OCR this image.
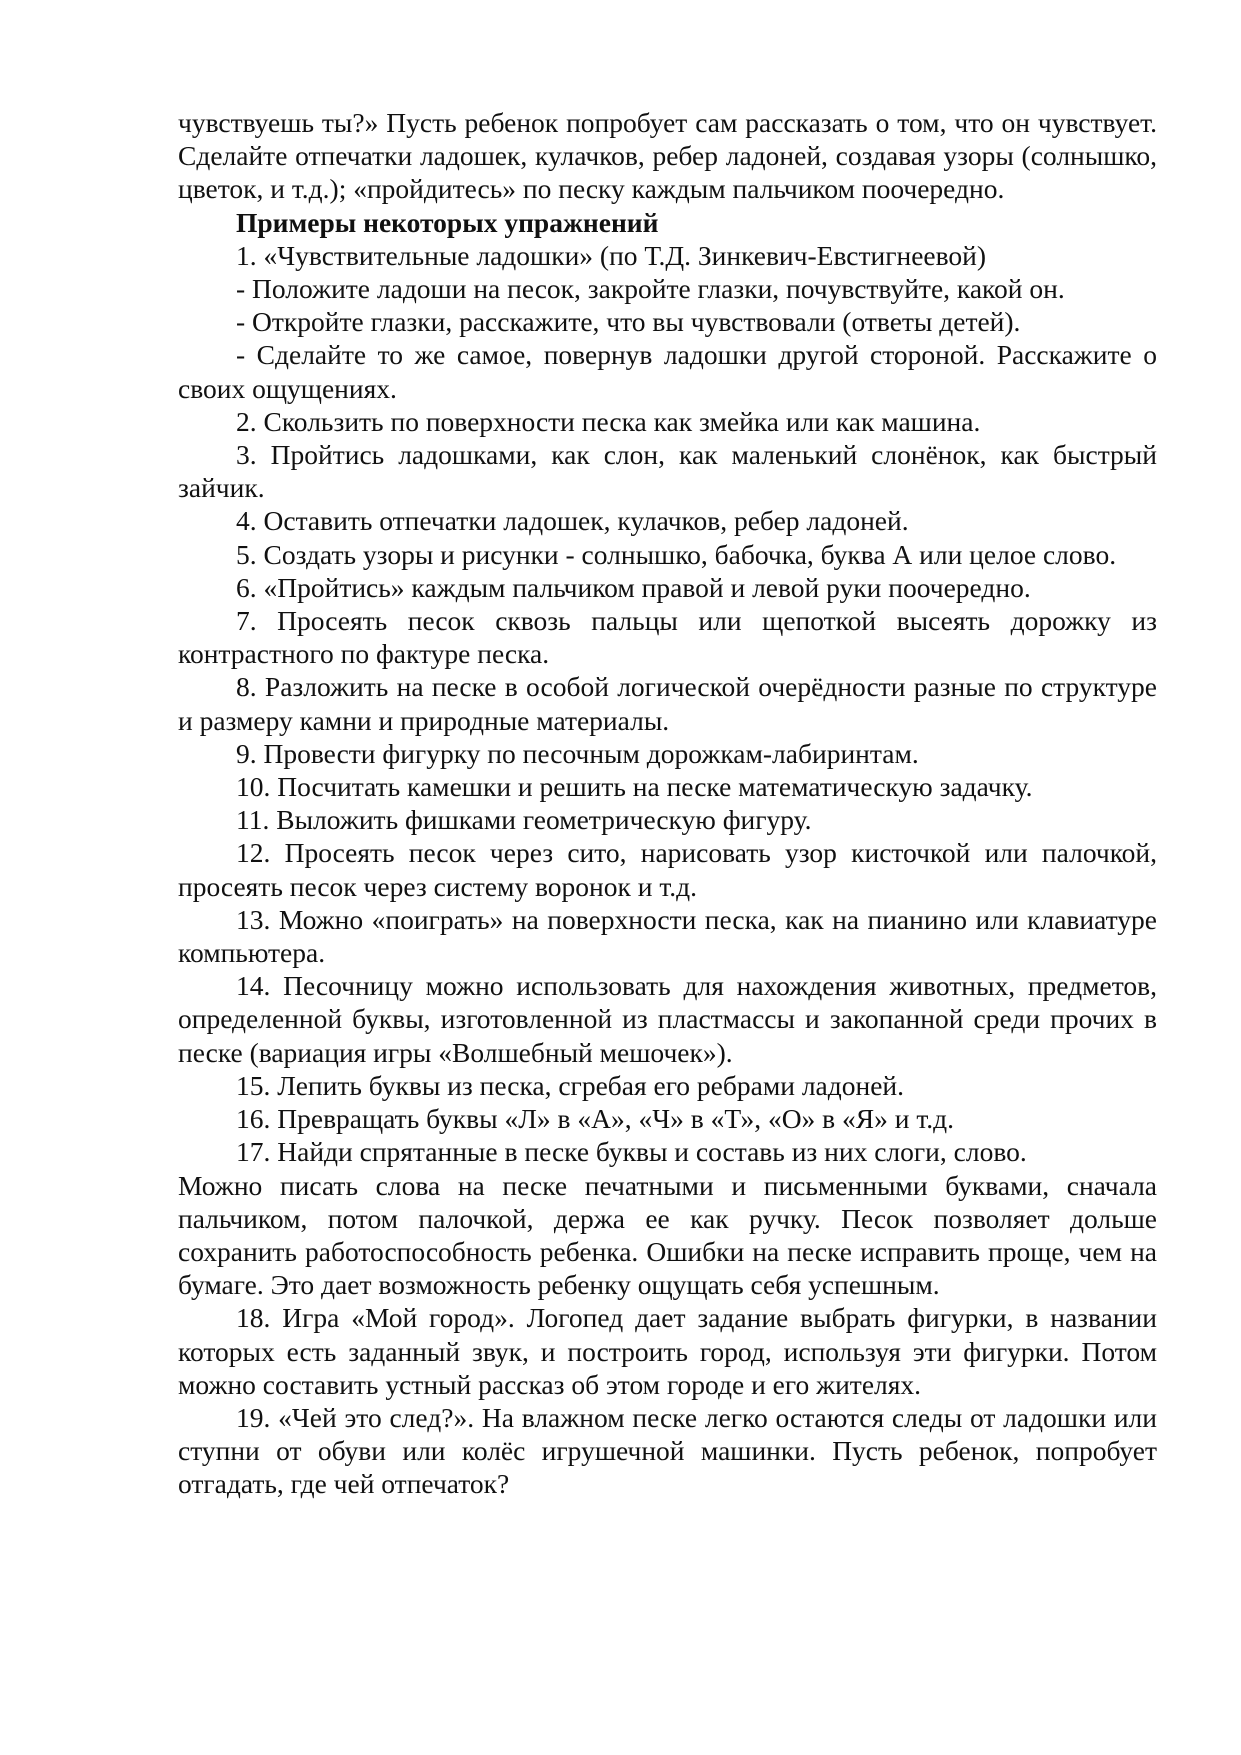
чувствуешь ты?» Пусть ребенок попробует сам рассказать о том, что он чувствует. Сделайте отпечатки ладошек, кулачков, ребер ладоней, создавая узоры (солнышко, цветок, и т.д.); «пройдитесь» по песку каждым пальчиком поочередно.

Примеры некоторых упражнений

1. «Чувствительные ладошки» (по Т.Д. Зинкевич-Евстигнеевой)

- Положите ладоши на песок, закройте глазки, почувствуйте, какой он.

- Откройте глазки, расскажите, что вы чувствовали (ответы детей).

- Сделайте то же самое, повернув ладошки другой стороной. Расскажите о своих ощущениях.

2. Скользить по поверхности песка как змейка или как машина.

3. Пройтись ладошками, как слон, как маленький слонёнок, как быстрый зайчик.

4. Оставить отпечатки ладошек, кулачков, ребер ладоней.

5. Создать узоры и рисунки - солнышко, бабочка, буква А или целое слово.

6. «Пройтись» каждым пальчиком правой и левой руки поочередно.

7. Просеять песок сквозь пальцы или щепоткой высеять дорожку из контрастного по фактуре песка.

8. Разложить на песке в особой логической очерёдности разные по структуре и размеру камни и природные материалы.

9. Провести фигурку по песочным дорожкам-лабиринтам.

10. Посчитать камешки и решить на песке математическую задачку.

11. Выложить фишками геометрическую фигуру.

12. Просеять песок через сито, нарисовать узор кисточкой или палочкой, просеять песок через систему воронок и т.д.

13. Можно «поиграть» на поверхности песка, как на пианино или клавиатуре компьютера.

14. Песочницу можно использовать для нахождения животных, предметов, определенной буквы, изготовленной из пластмассы и закопанной среди прочих в песке (вариация игры «Волшебный мешочек»).

15. Лепить буквы из песка, сгребая его ребрами ладоней.

16. Превращать буквы «Л» в «А», «Ч» в «Т», «О» в «Я» и т.д.

17. Найди спрятанные в песке буквы и составь из них слоги, слово.

Можно писать слова на песке печатными и письменными буквами, сначала пальчиком, потом палочкой, держа ее как ручку. Песок позволяет дольше сохранить работоспособность ребенка. Ошибки на песке исправить проще, чем на бумаге. Это дает возможность ребенку ощущать себя успешным.

18. Игра «Мой город». Логопед дает задание выбрать фигурки, в названии которых есть заданный звук, и построить город, используя эти фигурки. Потом можно составить устный рассказ об этом городе и его жителях.

19. «Чей это след?». На влажном песке легко остаются следы от ладошки или ступни от обуви или колёс игрушечной машинки. Пусть ребенок, попробует отгадать, где чей отпечаток?
